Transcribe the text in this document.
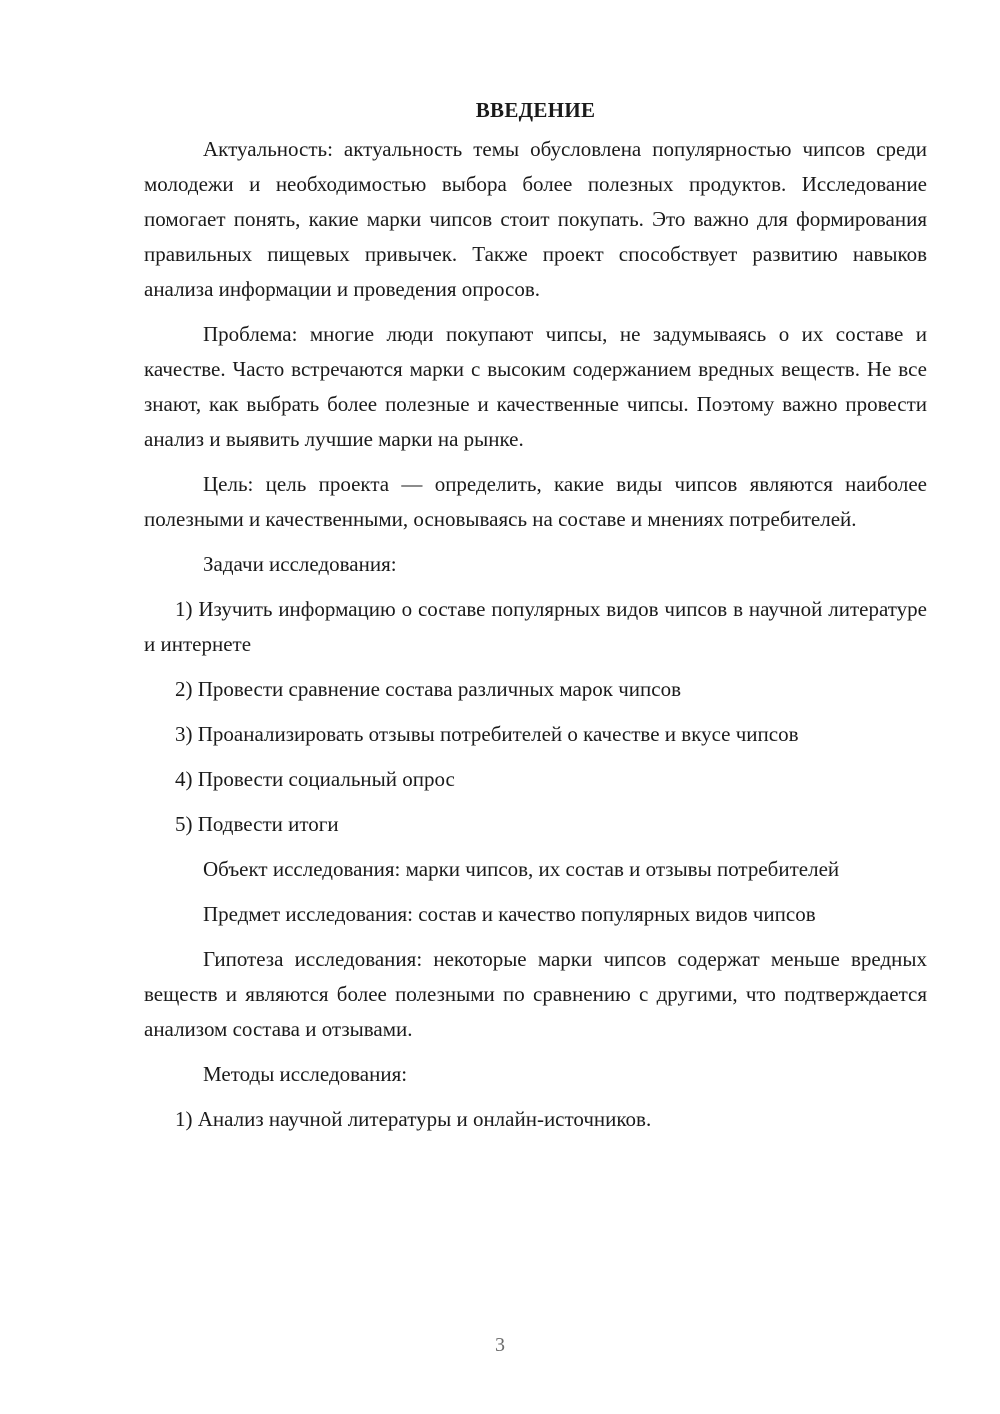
ВВЕДЕНИЕ

Актуальность: актуальность темы обусловлена популярностью чипсов среди молодежи и необходимостью выбора более полезных продуктов. Исследование помогает понять, какие марки чипсов стоит покупать. Это важно для формирования правильных пищевых привычек. Также проект способствует развитию навыков анализа информации и проведения опросов.

Проблема: многие люди покупают чипсы, не задумываясь о их составе и качестве. Часто встречаются марки с высоким содержанием вредных веществ. Не все знают, как выбрать более полезные и качественные чипсы. Поэтому важно провести анализ и выявить лучшие марки на рынке.

Цель: цель проекта — определить, какие виды чипсов являются наиболее полезными и качественными, основываясь на составе и мнениях потребителей.

Задачи исследования:

1) Изучить информацию о составе популярных видов чипсов в научной литературе и интернете

2) Провести сравнение состава различных марок чипсов

3) Проанализировать отзывы потребителей о качестве и вкусе чипсов

4) Провести социальный опрос

5) Подвести итоги

Объект исследования: марки чипсов, их состав и отзывы потребителей

Предмет исследования: состав и качество популярных видов чипсов

Гипотеза исследования: некоторые марки чипсов содержат меньше вредных веществ и являются более полезными по сравнению с другими, что подтверждается анализом состава и отзывами.

Методы исследования:

1) Анализ научной литературы и онлайн-источников.

3
